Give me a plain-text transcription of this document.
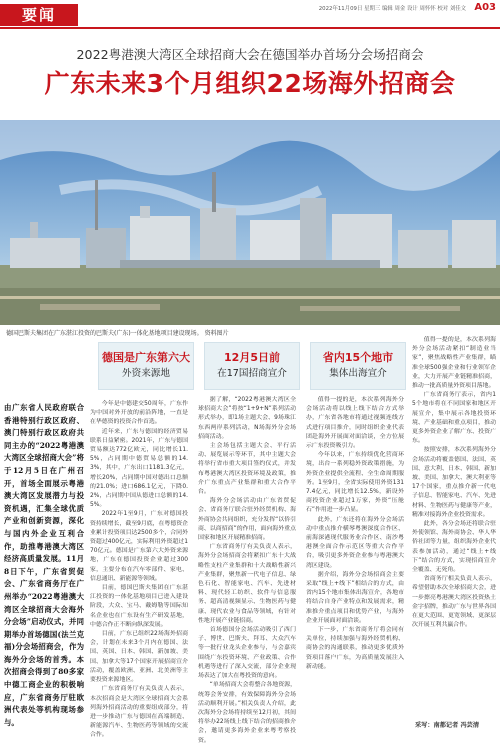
要闻	2022年11月09日 星期三 编辑 周金 设计 周怀怀 校对 刘佳文 A03
2022粤港澳大湾区全球招商大会在德国举办首场分会场招商会
广东未来3个月组织22场海外招商会
德国巴斯夫集团在广东湛江投资的巴斯夫(广东)一体化基地项目建设现场。 资料图片
德国是广东第六大
外资来源地
12月5日前
在17国招商宣介
省内15个地市
集体出海宣介
由广东省人民政府联合香港特别行政区政府、澳门特别行政区政府共同主办的“2022粤港澳大湾区全球招商大会”将于12月5日在广州召开，首场全面展示粤港澳大湾区发展潜力与投资机遇，汇集全球优质产业和创新资源，深化与国内外企业互利合作，助推粤港澳大湾区经济高质量发展。11月8日下午，广东省贸促会、广东省商务厅在广州举办“2022粤港澳大湾区全球招商大会海外分会场”启动仪式，并同期举办首场德国(法兰克福)分会场招商会，作为海外分会场的首秀。本次招商会得到了80多家中德工商企业的积极响应，广东省商务厅驻欧洲代表处等机构现场参与。

今年是中德建交50周年，广东作为中国对外开放的前沿阵地，一直是在华德资的投资合作首选。

近年来，广东与德国的经济贸易联系日益紧密。2021年，广东与德国贸易额达772亿欧元，同比增长11.5%，占同期中德贸易总额的14.3%，其中，广东出口1181.3亿元，增长20%，占同期中国对德出口总额的21.0%；进口686.1亿元，下降0.2%，占同期中国从德进口总额的14.5%。

2022年1至9月，广东对德国投资持续增长，截至9月底，在粤德资企业累计投资项目达2500多个，合同外资超过400亿元，实际利用外资超过170亿元。德国是广东第六大外资来源地，广东在德国投资企业超过300家，主要分布在汽车零部件、家电、信息通讯、新能源等领域。

目前，德国巴斯夫集团在广东湛江投资的一体化基地项目已进入建设阶段，大众、宝马、戴姆勒等国际知名企业也在广东设有生产研发基地，中德合作正不断向纵深发展。

目前，广东已组织22场海外招商会，计划在未来3个月内在德国、法国、英国、日本、韩国、新加坡、美国、加拿大等17个国家开展招商宣介活动，覆盖欧洲、亚洲、北美洲等主要投资来源地区。

广东省商务厅有关负责人表示，本次招商会是大湾区全球招商大会系列海外招商活动的重要组成部分，将进一步推动广东与德国在高端制造、新能源汽车、生物医药等领域的交流合作。

据了解，“2022粤港澳大湾区全球招商大会”将按“1+9+N”系列活动形式举办，即1场主题大会、9场珠江东西两岸系列活动，N场海外分会场招商活动。

主会场包括主题大会、平行活动、展览展示等环节，其中主题大会将举行省市重大项目签约仪式，并发布粤港澳大湾区投资环境及政策，推介广东重点产业集群和重大合作平台。

海外分会场活动由广东省贸促会、省商务厅联合驻外经贸机构、海外商协会共同组织，充分发挥“以侨引商、以商招商”的作用，面向海外重点国家和地区开展精准招商。

广东省商务厅有关负责人表示，海外分会场招商会将紧扣广东十大战略性支柱产业集群和十大战略性新兴产业集群，聚焦新一代电子信息、绿色石化、智能家电、汽车、先进材料、现代轻工纺织、软件与信息服务、超高清视频显示、生物医药与健康、现代农业与食品等领域，有针对性地开展产业链招商。

首场德国分会场活动吸引了西门子、博世、巴斯夫、拜耳、大众汽车等一批行业龙头企业参与，与会嘉宾围绕广东投资环境、产业政策、合作机遇等进行了深入交流，部分企业现场表达了加大在粤投资的意向。

“单场招商大会将整合各地资源，统筹会务安排，有效保障海外分会场活动顺利开展。”相关负责人介绍，此次海外分会场将持续至12月初，其间将举办22场线上线下结合的招商推介会，邀请更多海外企业来粤考察投资。

值得一提的是，本次系列海外分会场活动将以线上线下结合方式举办，广东省各地市将通过视频连线方式进行项目推介，同时组织企业代表团赴海外开展面对面洽谈，全方位展示广东投资吸引力。

今年以来，广东持续优化营商环境，出台一系列稳外资政策措施，为外资企业提供全流程、全生命周期服务。1至9月，全省实际使用外资1317.4亿元，同比增长12.5%，新设外商投资企业超过1万家，外资“压舱石”作用进一步凸显。

此外，广东还将在海外分会场活动中重点推介横琴粤澳深度合作区、前海深港现代服务业合作区、南沙粤港澳全面合作示范区等重大合作平台，吸引更多外资企业参与粤港澳大湾区建设。

据介绍，海外分会场招商会主要采取“线上+线下”相结合的方式，由省内15个地市集体出海宣介，各地市将结合自身产业特点和发展需求，精准推介重点项目和优势产业，与海外企业开展面对面洽谈。

下一步，广东省商务厅将会同有关单位，持续加强与海外经贸机构、商协会的沟通联系，推动更多优质外资项目落户广东，为高质量发展注入新动能。

值得一提的是，本次系列海外分会场活动紧扣“制造业当家”，聚焦战略性产业集群，瞄准全球500强企业和行业领军企业，大力开展产业链精准招商，推动一批高质量外资项目落地。

广东省商务厅表示，省内15个地市将在不同国家和地区开展宣介，集中展示各地投资环境、产业基础和重点项目，推动更多外资企业了解广东、投资广东。

按照安排，本次系列海外分会场活动将覆盖德国、法国、英国、意大利、日本、韩国、新加坡、美国、加拿大、澳大利亚等17个国家，重点推介新一代电子信息、智能家电、汽车、先进材料、生物医药与健康等产业，精准对接海外企业投资需求。

此外，各分会场还将联合驻外使领馆、海外商协会、华人华侨社团等力量，组织海外企业代表参加活动，通过“线上+线下”结合的方式，实现招商宣介全覆盖、无死角。

省商务厅相关负责人表示，希望借助本次全球招商大会，进一步擦亮粤港澳大湾区投资热土金字招牌，推动广东与世界各国在更大范围、更宽领域、更深层次开展互利共赢合作。

采写：南都记者 冯芸清
